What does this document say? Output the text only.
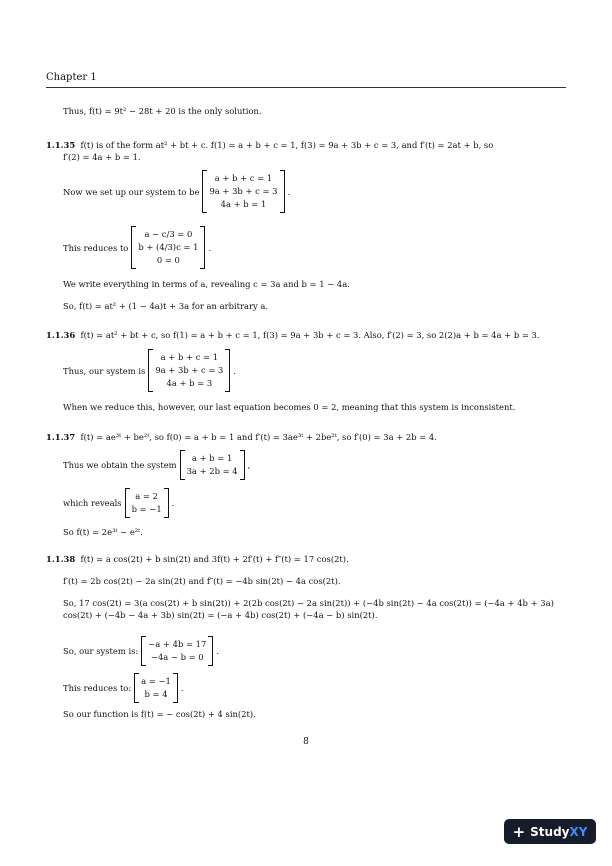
Chapter 1
Thus, f(t) = 9t² − 28t + 20 is the only solution.
1.1.35 f(t) is of the form at² + bt + c. f(1) = a + b + c = 1, f(3) = 9a + 3b + c = 3, and f′(t) = 2at + b, so
f′(2) = 4a + b = 1.
Now we set up our system to be
a + b + c = 1
9a + 3b + c = 3
4a + b = 1
.
This reduces to
a − c/3 = 0
b + (4/3)c = 1
0 = 0
.
We write everything in terms of a, revealing c = 3a and b = 1 − 4a.
So, f(t) = at² + (1 − 4a)t + 3a for an arbitrary a.
1.1.36 f(t) = at² + bt + c, so f(1) = a + b + c = 1, f(3) = 9a + 3b + c = 3. Also, f′(2) = 3, so 2(2)a + b = 4a + b = 3.
Thus, our system is
a + b + c = 1
9a + 3b + c = 3
4a + b = 3
.
When we reduce this, however, our last equation becomes 0 = 2, meaning that this system is inconsistent.
1.1.37 f(t) = ae³ᵗ + be²ᵗ, so f(0) = a + b = 1 and f′(t) = 3ae³ᵗ + 2be²ᵗ, so f′(0) = 3a + 2b = 4.
Thus we obtain the system
a + b = 1
3a + 2b = 4
,
which reveals
a = 2
b = −1
.
So f(t) = 2e³ᵗ − e²ᵗ.
1.1.38 f(t) = a cos(2t) + b sin(2t) and 3f(t) + 2f′(t) + f″(t) = 17 cos(2t).
f′(t) = 2b cos(2t) − 2a sin(2t) and f″(t) = −4b sin(2t) − 4a cos(2t).
So, 17 cos(2t) = 3(a cos(2t) + b sin(2t)) + 2(2b cos(2t) − 2a sin(2t)) + (−4b sin(2t) − 4a cos(2t)) = (−4a + 4b + 3a) cos(2t) + (−4b − 4a + 3b) sin(2t) = (−a + 4b) cos(2t) + (−4a − b) sin(2t).
So, our system is:
−a + 4b = 17
−4a − b = 0
.
This reduces to:
a = −1
b = 4
.
So our function is f(t) = − cos(2t) + 4 sin(2t).
8
+ Study XY
